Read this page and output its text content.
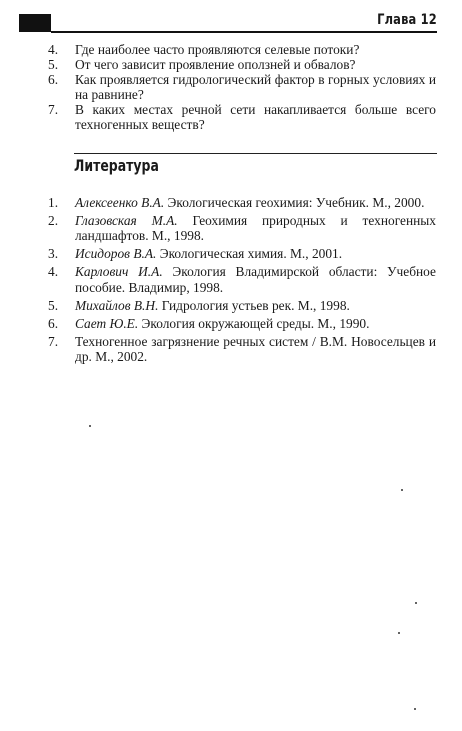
Глава 12
4.	Где наиболее часто проявляются селевые потоки?
5.	От чего зависит проявление оползней и обвалов?
6.	Как проявляется гидрологический фактор в горных условиях и на равнине?
7.	В каких местах речной сети накапливается больше всего техногенных веществ?
Литература
1.	Алексеенко В.А. Экологическая геохимия: Учебник. М., 2000.
2.	Глазовская М.А. Геохимия природных и техногенных ландшафтов. М., 1998.
3.	Исидоров В.А. Экологическая химия. М., 2001.
4.	Карлович И.А. Экология Владимирской области: Учебное пособие. Владимир, 1998.
5.	Михайлов В.Н. Гидрология устьев рек. М., 1998.
6.	Сает Ю.Е. Экология окружающей среды. М., 1990.
7.	Техногенное загрязнение речных систем / В.М. Новосельцев и др. М., 2002.
